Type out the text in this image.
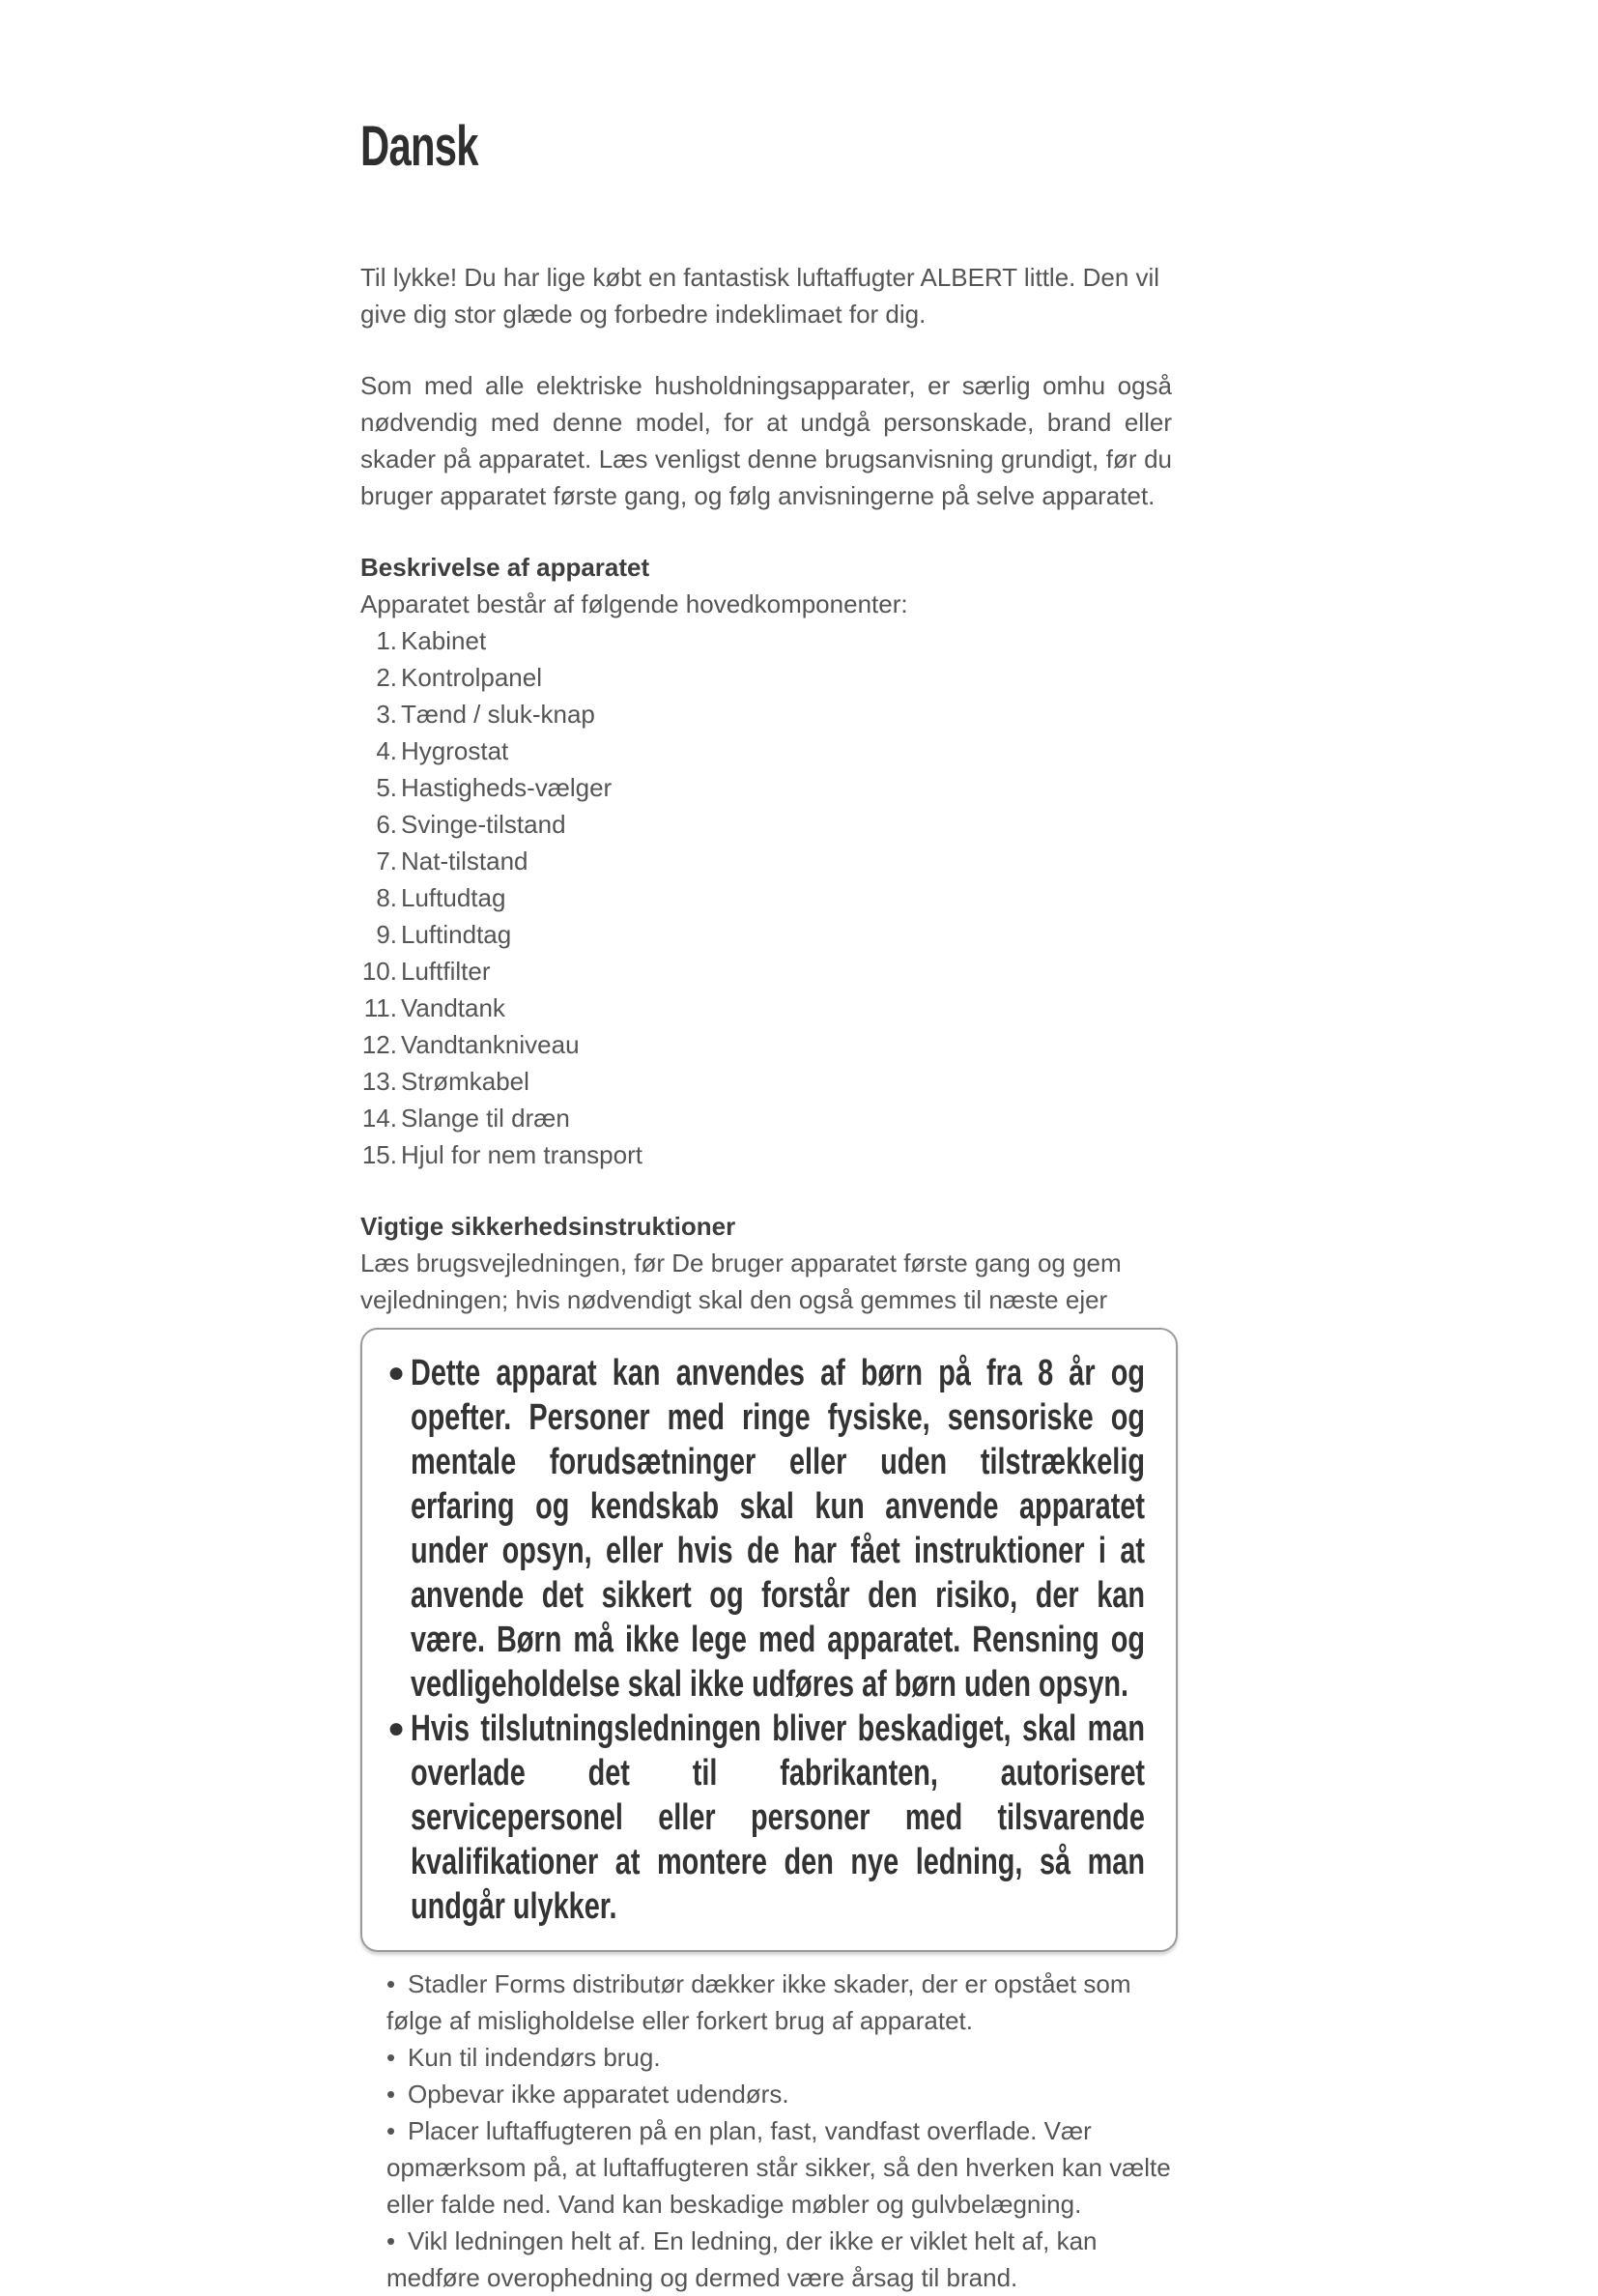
Dansk

Til lykke! Du har lige købt en fantastisk luftaffugter ALBERT little. Den vil give dig stor glæde og forbedre indeklimaet for dig.

Som med alle elektriske husholdningsapparater, er særlig omhu også nødvendig med denne model, for at undgå personskade, brand eller skader på apparatet. Læs venligst denne brugsanvisning grundigt, før du bruger apparatet første gang, og følg anvisningerne på selve apparatet.

Beskrivelse af apparatet

Apparatet består af følgende hovedkomponenter:

1. Kabinet
2. Kontrolpanel
3. Tænd / sluk-knap
4. Hygrostat
5. Hastigheds-vælger
6. Svinge-tilstand
7. Nat-tilstand
8. Luftudtag
9. Luftindtag
10. Luftfilter
11. Vandtank
12. Vandtankniveau
13. Strømkabel
14. Slange til dræn
15. Hjul for nem transport
Vigtige sikkerhedsinstruktioner

Læs brugsvejledningen, før De bruger apparatet første gang og gem vejledningen; hvis nødvendigt skal den også gemmes til næste ejer

● Dette apparat kan anvendes af børn på fra 8 år og opefter. Personer med ringe fysiske, sensoriske og mentale forudsætninger eller uden tilstrækkelig erfaring og kendskab skal kun anvende apparatet under opsyn, eller hvis de har fået instruktioner i at anvende det sikkert og forstår den risiko, der kan være. Børn må ikke lege med apparatet. Rensning og vedligeholdelse skal ikke udføres af børn uden opsyn.
● Hvis tilslutningsledningen bliver beskadiget, skal man overlade det til fabrikanten, autoriseret servicepersonel eller personer med tilsvarende kvalifikationer at montere den nye ledning, så man undgår ulykker.
• Stadler Forms distributør dækker ikke skader, der er opstået som følge af misligholdelse eller forkert brug af apparatet.
• Kun til indendørs brug.
• Opbevar ikke apparatet udendørs.
• Placer luftaffugteren på en plan, fast, vandfast overflade. Vær opmærksom på, at luftaffugteren står sikker, så den hverken kan vælte eller falde ned. Vand kan beskadige møbler og gulvbelægning.
• Vikl ledningen helt af. En ledning, der ikke er viklet helt af, kan medføre overophedning og dermed være årsag til brand.
